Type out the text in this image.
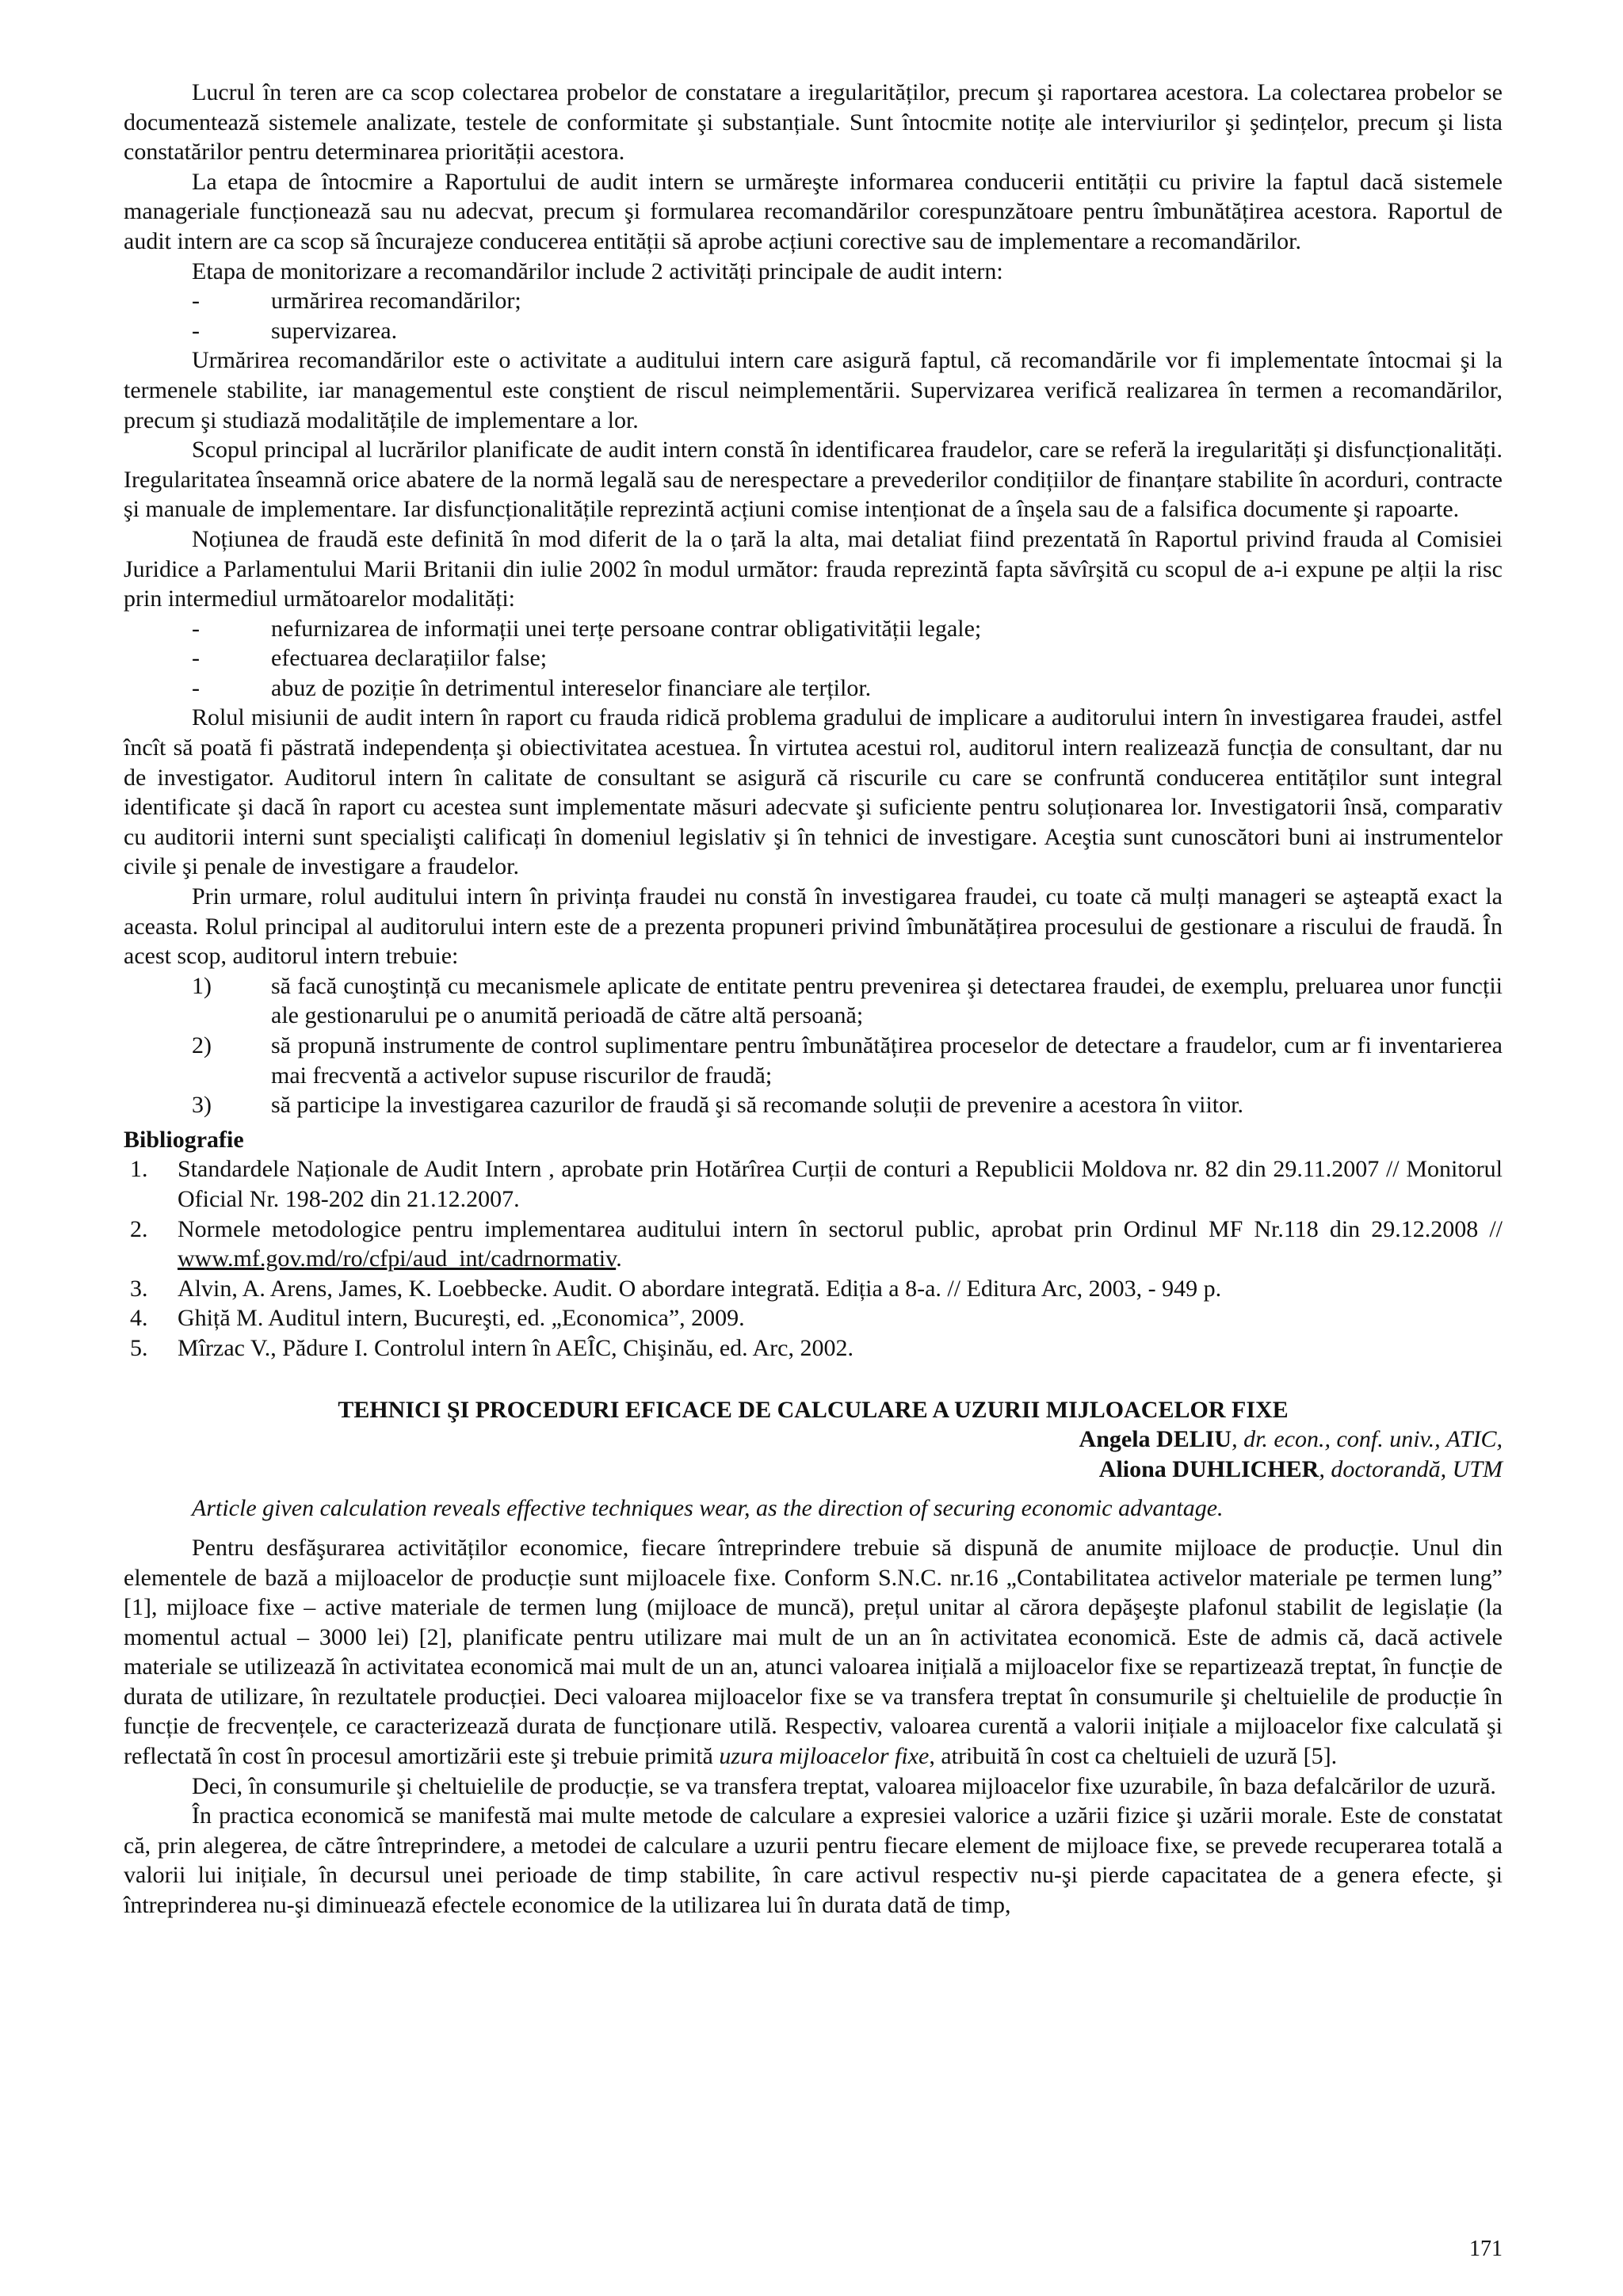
Lucrul în teren are ca scop colectarea probelor de constatare a iregularităților, precum şi raportarea acestora. La colectarea probelor se documentează sistemele analizate, testele de conformitate şi substanțiale. Sunt întocmite notițe ale interviurilor şi şedințelor, precum şi lista constatărilor pentru determinarea priorității acestora.

La etapa de întocmire a Raportului de audit intern se urmăreşte informarea conducerii entității cu privire la faptul dacă sistemele manageriale funcționează sau nu adecvat, precum şi formularea recomandărilor corespunzătoare pentru îmbunătățirea acestora. Raportul de audit intern are ca scop să încurajeze conducerea entității să aprobe acțiuni corective sau de implementare a recomandărilor.

Etapa de monitorizare a recomandărilor include 2 activități principale de audit intern:

-	urmărirea recomandărilor;
-	supervizarea.

Urmărirea recomandărilor este o activitate a auditului intern care asigură faptul, că recomandările vor fi implementate întocmai şi la termenele stabilite, iar managementul este conştient de riscul neimplementării. Supervizarea verifică realizarea în termen a recomandărilor, precum şi studiază modalitățile de implementare a lor.

Scopul principal al lucrărilor planificate de audit intern constă în identificarea fraudelor, care se referă la iregularități şi disfuncționalități. Iregularitatea înseamnă orice abatere de la normă legală sau de nerespectare a prevederilor condițiilor de finanțare stabilite în acorduri, contracte şi manuale de implementare. Iar disfuncționalitățile reprezintă acțiuni comise intenționat de a înşela sau de a falsifica documente şi rapoarte.

Noțiunea de fraudă este definită în mod diferit de la o țară la alta, mai detaliat fiind prezentată în Raportul privind frauda al Comisiei Juridice a Parlamentului Marii Britanii din iulie 2002 în modul următor: frauda reprezintă fapta săvîrşită cu scopul de a-i expune pe alții la risc prin intermediul următoarelor modalități:

-	nefurnizarea de informații unei terțe persoane contrar obligativității legale;
-	efectuarea declarațiilor false;
-	abuz de poziție în detrimentul intereselor financiare ale terților.

Rolul misiunii de audit intern în raport cu frauda ridică problema gradului de implicare a auditorului intern în investigarea fraudei, astfel încît să poată fi păstrată independența şi obiectivitatea acestuea. În virtutea acestui rol, auditorul intern realizează funcția de consultant, dar nu de investigator. Auditorul intern în calitate de consultant se asigură că riscurile cu care se confruntă conducerea entităților sunt integral identificate şi dacă în raport cu acestea sunt implementate măsuri adecvate şi suficiente pentru soluționarea lor. Investigatorii însă, comparativ cu auditorii interni sunt specialişti calificați în domeniul legislativ şi în tehnici de investigare. Aceştia sunt cunoscători buni ai instrumentelor civile şi penale de investigare a fraudelor.

Prin urmare, rolul auditului intern în privința fraudei nu constă în investigarea fraudei, cu toate că mulți manageri se aşteaptă exact la aceasta. Rolul principal al auditorului intern este de a prezenta propuneri privind îmbunătățirea procesului de gestionare a riscului de fraudă. În acest scop, auditorul intern trebuie:

1)	să facă cunoştință cu mecanismele aplicate de entitate pentru prevenirea şi detectarea fraudei, de exemplu, preluarea unor funcții ale gestionarului pe o anumită perioadă de către altă persoană;
2)	să propună instrumente de control suplimentare pentru îmbunătățirea proceselor de detectare a fraudelor, cum ar fi inventarierea mai frecventă a activelor supuse riscurilor de fraudă;
3)	să participe la investigarea cazurilor de fraudă şi să recomande soluții de prevenire a acestora în viitor.

Bibliografie

1. Standardele Naționale de Audit Intern , aprobate prin Hotărîrea Curții de conturi a Republicii Moldova nr. 82 din 29.11.2007 // Monitorul Oficial Nr. 198-202 din 21.12.2007.
2. Normele metodologice pentru implementarea auditului intern în sectorul public, aprobat prin Ordinul MF Nr.118 din 29.12.2008 // www.mf.gov.md/ro/cfpi/aud_int/cadrnormativ.
3. Alvin, A. Arens, James, K. Loebbecke. Audit. O abordare integrată. Ediția a 8-a. // Editura Arc, 2003, - 949 p.
4. Ghiță M. Auditul intern, Bucureşti, ed. „Economica”, 2009.
5. Mîrzac V., Pădure I. Controlul intern în AEÎC, Chişinău, ed. Arc, 2002.

TEHNICI ŞI PROCEDURI EFICACE DE CALCULARE A UZURII MIJLOACELOR FIXE

Angela DELIU, dr. econ., conf. univ., ATIC,

Aliona DUHLICHER, doctorandă, UTM

Article given calculation reveals effective techniques wear, as the direction of securing economic advantage.

Pentru desfăşurarea activităților economice, fiecare întreprindere trebuie să dispună de anumite mijloace de producție. Unul din elementele de bază a mijloacelor de producție sunt mijloacele fixe. Conform S.N.C. nr.16 „Contabilitatea activelor materiale pe termen lung” [1], mijloace fixe – active materiale de termen lung (mijloace de muncă), prețul unitar al cărora depăşeşte plafonul stabilit de legislație (la momentul actual – 3000 lei) [2], planificate pentru utilizare mai mult de un an în activitatea economică. Este de admis că, dacă activele materiale se utilizează în activitatea economică mai mult de un an, atunci valoarea inițială a mijloacelor fixe se repartizează treptat, în funcție de durata de utilizare, în rezultatele producției. Deci valoarea mijloacelor fixe se va transfera treptat în consumurile şi cheltuielile de producție în funcție de frecvențele, ce caracterizează durata de funcționare utilă. Respectiv, valoarea curentă a valorii inițiale a mijloacelor fixe calculată şi reflectată în cost în procesul amortizării este şi trebuie primită uzura mijloacelor fixe, atribuită în cost ca cheltuieli de uzură [5].

Deci, în consumurile şi cheltuielile de producție, se va transfera treptat, valoarea mijloacelor fixe uzurabile, în baza defalcărilor de uzură.

În practica economică se manifestă mai multe metode de calculare a expresiei valorice a uzării fizice şi uzării morale. Este de constatat că, prin alegerea, de către întreprindere, a metodei de calculare a uzurii pentru fiecare element de mijloace fixe, se prevede recuperarea totală a valorii lui inițiale, în decursul unei perioade de timp stabilite, în care activul respectiv nu-şi pierde capacitatea de a genera efecte, şi întreprinderea nu-şi diminuează efectele economice de la utilizarea lui în durata dată de timp,

171
